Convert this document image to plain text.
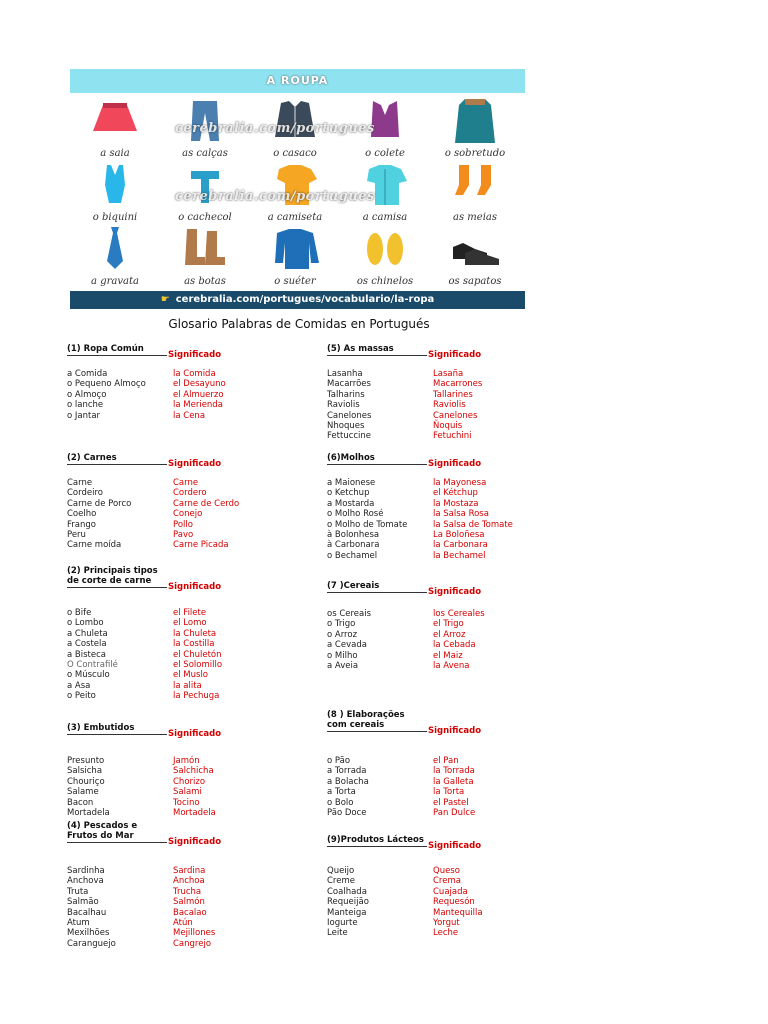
A ROUPA
a saia	as calças	o casaco	o colete	o sobretudo
o biquini	o cachecol	a camiseta	a camisa	as meias
a gravata	as botas	o suéter	os chinelos	os sapatos
cerebralia.com/portugues
cerebralia.com/portugues
☛ cerebralia.com/portugues/vocabulario/la-ropa
Glosario Palabras de Comidas en Portugués
(1) Ropa Común
Significado
a Comida	la Comida
o Pequeno Almoço	el Desayuno
o Almoço	el Almuerzo
o lanche	la Merienda
o Jantar	la Cena
(2) Carnes
Significado
Carne	Carne
Cordeiro	Cordero
Carne de Porco	Carne de Cerdo
Coelho	Conejo
Frango	Pollo
Peru	Pavo
Carne moída	Carne Picada
(2) Principais tipos de corte de carne
Significado
o Bife	el Filete
o Lombo	el Lomo
a Chuleta	la Chuleta
a Costela	la Costilla
a Bisteca	el Chuletón
O Contrafilé	el Solomillo
o Músculo	el Muslo
a Asa	la alita
o Peito	la Pechuga
(3) Embutidos
Significado
Presunto	Jamón
Salsicha	Salchicha
Chouriço	Chorizo
Salame	Salami
Bacon	Tocino
Mortadela	Mortadela
(4) Pescados e Frutos do Mar
Significado
Sardinha	Sardina
Anchova	Anchoa
Truta	Trucha
Salmão	Salmón
Bacalhau	Bacalao
Atum	Atún
Mexilhões	Mejillones
Caranguejo	Cangrejo
(5) As massas
Significado
Lasanha	Lasaña
Macarrões	Macarrones
Talharins	Tallarines
Raviolis	Raviolis
Canelones	Canelones
Nhoques	Ñoquis
Fettuccine	Fetuchini
(6)Molhos
Significado
a Maionese	la Mayonesa
o Ketchup	el Kétchup
a Mostarda	la Mostaza
o Molho Rosé	la Salsa Rosa
o Molho de Tomate	la Salsa de Tomate
à Bolonhesa	La Boloñesa
à Carbonara	la Carbonara
o Bechamel	la Bechamel
(7 )Cereais
Significado
os Cereais	los Cereales
o Trigo	el Trigo
o Arroz	el Arroz
a Cevada	la Cebada
o Milho	el Maiz
a Aveia	la Avena
(8 ) Elaborações com cereais
Significado
o Pão	el Pan
a Torrada	la Torrada
a Bolacha	la Galleta
a Torta	la Torta
o Bolo	el Pastel
Pão Doce	Pan Dulce
(9)Produtos Lácteos
Significado
Queijo	Queso
Creme	Crema
Coalhada	Cuajada
Requeijão	Requesón
Manteiga	Mantequilla
Iogurte	Yorgut
Leite	Leche
